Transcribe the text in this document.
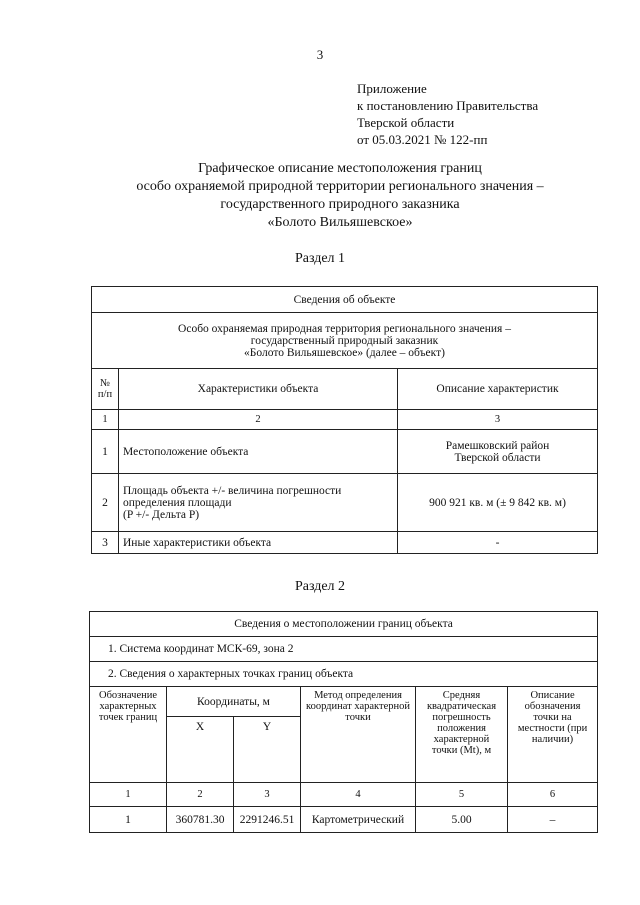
3
Приложение
к постановлению Правительства
Тверской области
от 05.03.2021 № 122-пп
Графическое описание местоположения границ
особо охраняемой природной территории регионального значения –
государственного природного заказника
«Болото Вильяшевское»
Раздел 1
Сведения об объекте		

Особо охраняемая природная территория регионального значения –
государственный природный заказник
«Болото Вильяшевское» (далее – объект)		

№ п/п	Характеристики объекта	Описание характеристик
1	2	3
1	Местоположение объекта	Рамешковский район
Тверской области

2	Площадь объекта +/- величина погрешности
определения площади
(P +/- Дельта P)	900 921 кв. м (± 9 842 кв. м)
3	Иные характеристики объекта	-
Раздел 2
Сведения о местоположении границ объекта					
1. Система координат МСК-69, зона 2					
2. Сведения о характерных точках границ объекта					
Обозначение характерных точек границ	Координаты, м		Метод определения координат характерной точки	Средняя квадратическая погрешность положения характерной точки (Mt), м	Описание обозначения точки на местности (при наличии)
	X	Y			
1	2	3	4	5	6
1	360781.30	2291246.51	Картометрический	5.00	–
